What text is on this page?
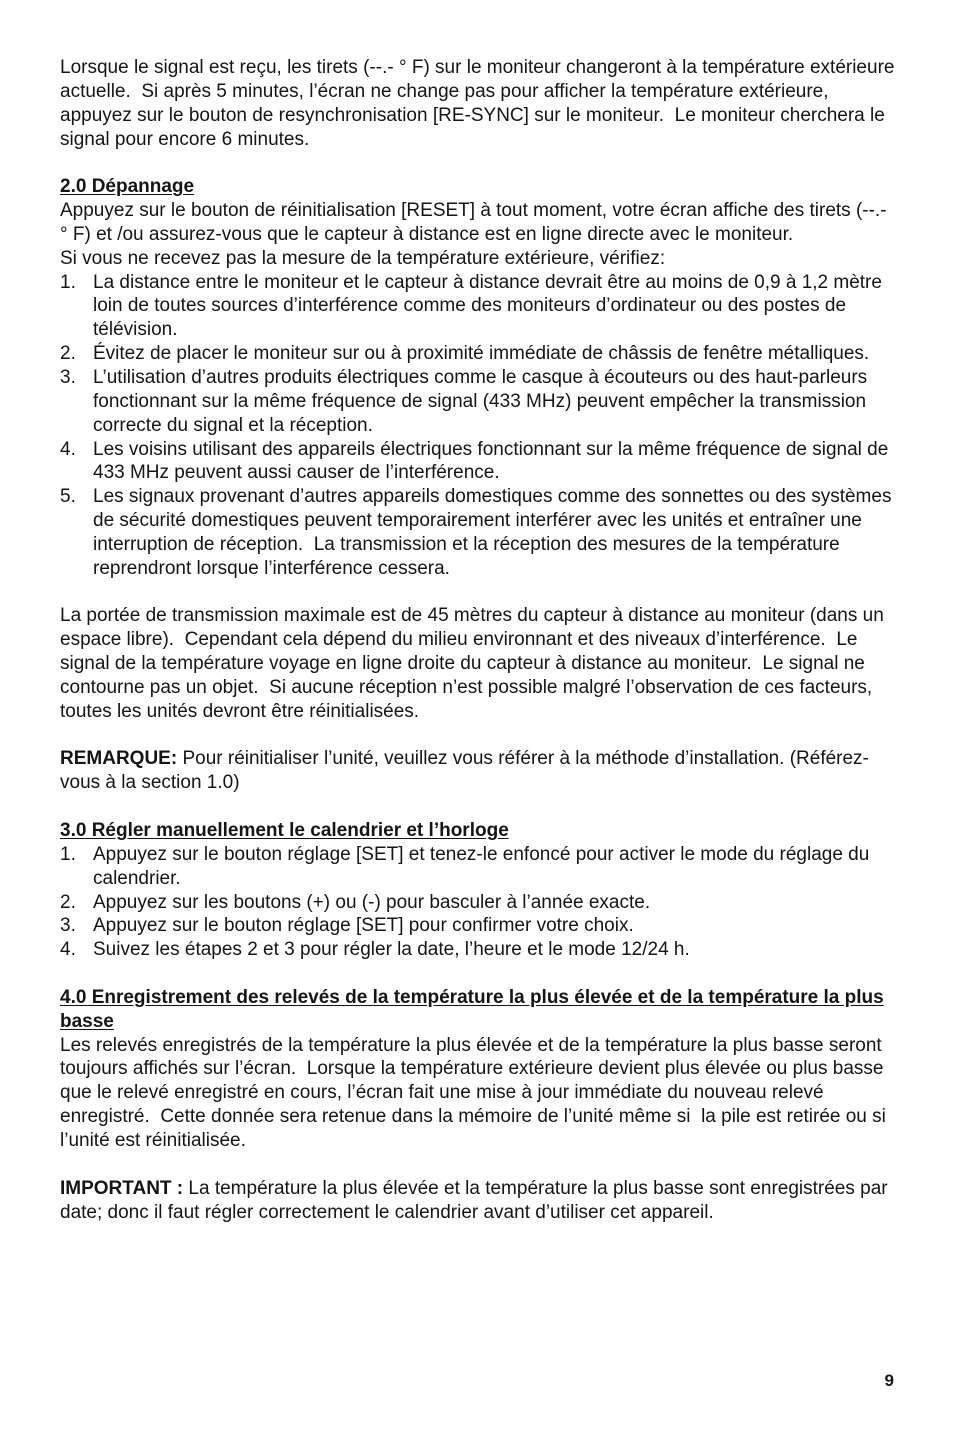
Lorsque le signal est reçu, les tirets (--.- ° F) sur le moniteur changeront à la température extérieure actuelle.  Si après 5 minutes, l’écran ne change pas pour afficher la température extérieure, appuyez sur le bouton de resynchronisation [RE-SYNC] sur le moniteur.  Le moniteur cherchera le signal pour encore 6 minutes.

2.0 Dépannage

Appuyez sur le bouton de réinitialisation [RESET] à tout moment, votre écran affiche des tirets (--.- ° F) et /ou assurez-vous que le capteur à distance est en ligne directe avec le moniteur.

Si vous ne recevez pas la mesure de la température extérieure, vérifiez:

1. La distance entre le moniteur et le capteur à distance devrait être au moins de 0,9 à 1,2 mètre loin de toutes sources d’interférence comme des moniteurs d’ordinateur ou des postes de télévision.
2. Évitez de placer le moniteur sur ou à proximité immédiate de châssis de fenêtre métalliques.
3. L’utilisation d’autres produits électriques comme le casque à écouteurs ou des haut-parleurs fonctionnant sur la même fréquence de signal (433 MHz) peuvent empêcher la transmission correcte du signal et la réception.
4. Les voisins utilisant des appareils électriques fonctionnant sur la même fréquence de signal de 433 MHz peuvent aussi causer de l’interférence.
5. Les signaux provenant d’autres appareils domestiques comme des sonnettes ou des systèmes de sécurité domestiques peuvent temporairement interférer avec les unités et entraîner une interruption de réception.  La transmission et la réception des mesures de la température reprendront lorsque l’interférence cessera.

La portée de transmission maximale est de 45 mètres du capteur à distance au moniteur (dans un espace libre).  Cependant cela dépend du milieu environnant et des niveaux d’interférence.  Le signal de la température voyage en ligne droite du capteur à distance au moniteur.  Le signal ne contourne pas un objet.  Si aucune réception n’est possible malgré l’observation de ces facteurs, toutes les unités devront être réinitialisées.

REMARQUE: Pour réinitialiser l’unité, veuillez vous référer à la méthode d’installation. (Référez-vous à la section 1.0)

3.0 Régler manuellement le calendrier et l’horloge
1. Appuyez sur le bouton réglage [SET] et tenez-le enfoncé pour activer le mode du réglage du calendrier.
2. Appuyez sur les boutons (+) ou (-) pour basculer à l’année exacte.
3. Appuyez sur le bouton réglage [SET] pour confirmer votre choix.
4. Suivez les étapes 2 et 3 pour régler la date, l’heure et le mode 12/24 h.
4.0 Enregistrement des relevés de la température la plus élevée et de la température la plus basse

Les relevés enregistrés de la température la plus élevée et de la température la plus basse seront toujours affichés sur l’écran.  Lorsque la température extérieure devient plus élevée ou plus basse que le relevé enregistré en cours, l’écran fait une mise à jour immédiate du nouveau relevé enregistré.  Cette donnée sera retenue dans la mémoire de l’unité même si  la pile est retirée ou si l’unité est réinitialisée.

IMPORTANT : La température la plus élevée et la température la plus basse sont enregistrées par date; donc il faut régler correctement le calendrier avant d’utiliser cet appareil.

9
